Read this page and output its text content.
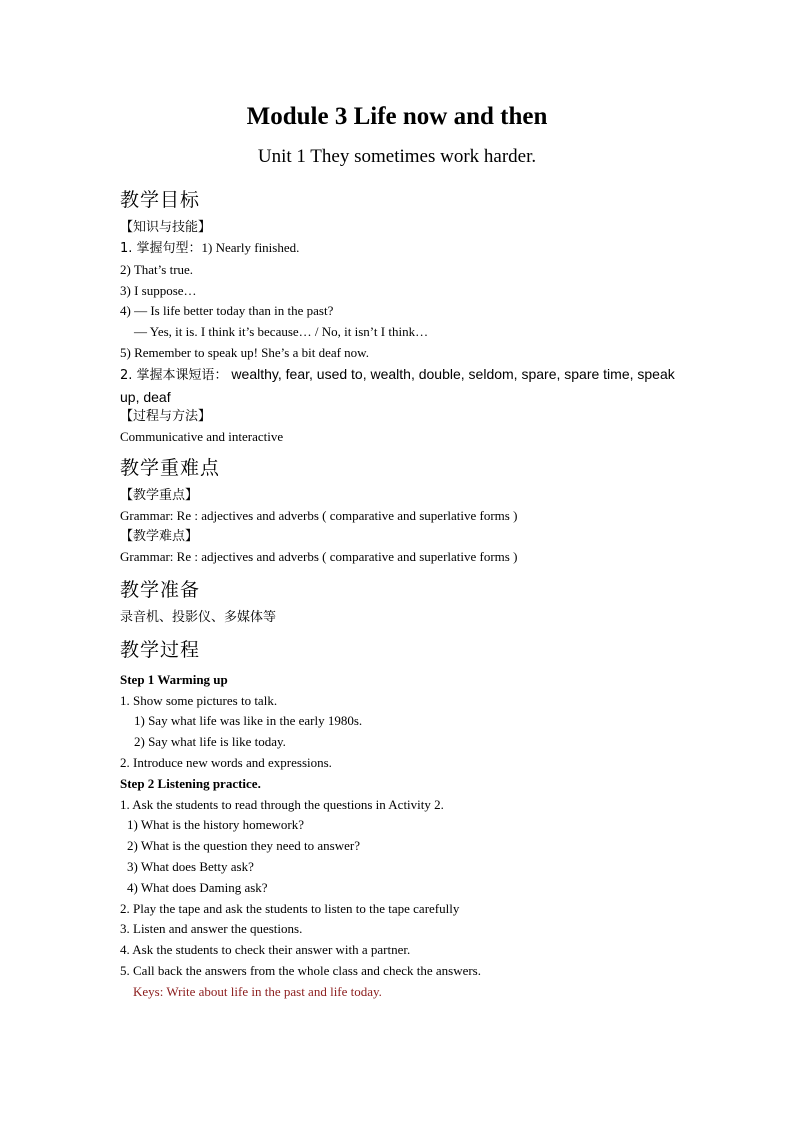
Module 3 Life now and then

Unit 1 They sometimes work harder.

教学目标

【知识与技能】

1. 掌握句型：1) Nearly finished.

2) That’s true.

3) I suppose…

4) — Is life better today than in the past?

— Yes, it is. I think it’s because… / No, it isn’t I think…

5) Remember to speak up! She’s a bit deaf now.

2. 掌握本课短语： wealthy, fear, used to, wealth, double, seldom, spare, spare time, speak up, deaf

【过程与方法】

Communicative and interactive

教学重难点

【教学重点】

Grammar: Re : adjectives and adverbs ( comparative and superlative forms )

【教学难点】

Grammar: Re : adjectives and adverbs ( comparative and superlative forms )

教学准备

录音机、投影仪、多媒体等

教学过程

Step 1 Warming up

1. Show some pictures to talk.

1) Say what life was like in the early 1980s.

2) Say what life is like today.

2. Introduce new words and expressions.

Step 2 Listening practice.

1. Ask the students to read through the questions in Activity 2.

1) What is the history homework?

2) What is the question they need to answer?

3) What does Betty ask?

4) What does Daming ask?

2. Play the tape and ask the students to listen to the tape carefully

3. Listen and answer the questions.

4. Ask the students to check their answer with a partner.

5. Call back the answers from the whole class and check the answers.

Keys: Write about life in the past and life today.
